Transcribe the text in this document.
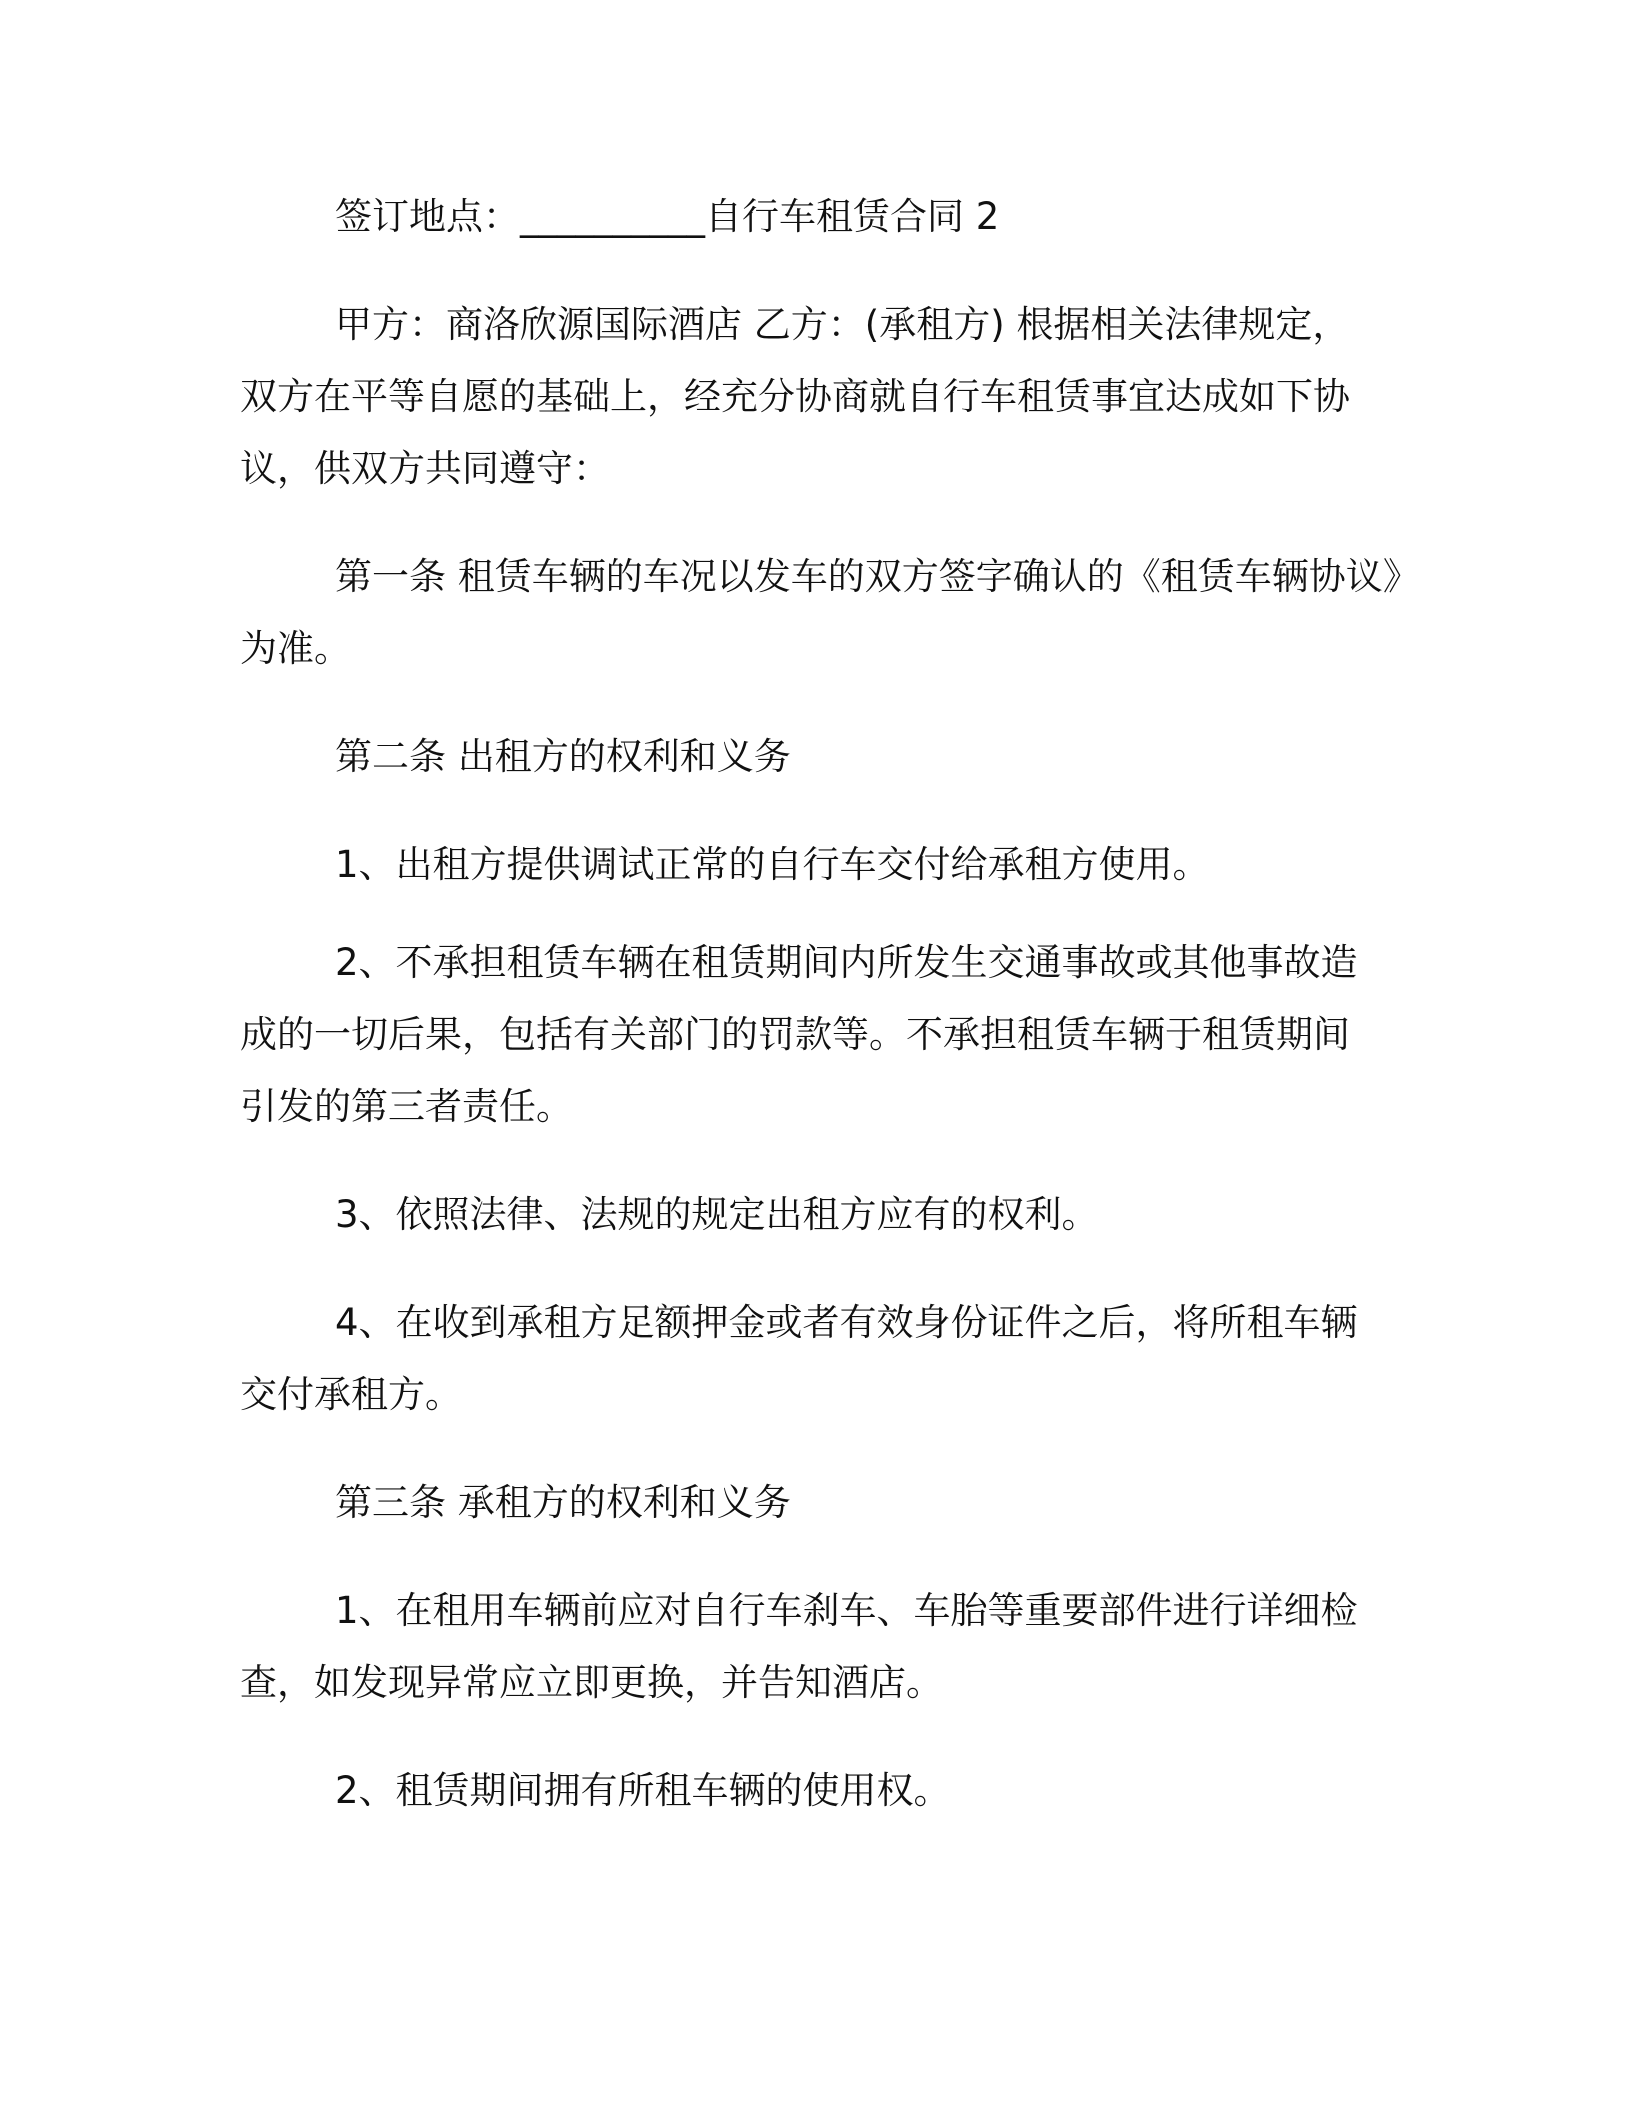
签订地点：__________自行车租赁合同 2

甲方：商洛欣源国际酒店 乙方：(承租方) 根据相关法律规定，

双方在平等自愿的基础上，经充分协商就自行车租赁事宜达成如下协

议，供双方共同遵守：

第一条 租赁车辆的车况以发车的双方签字确认的《租赁车辆协议》

为准。

第二条 出租方的权利和义务

1、出租方提供调试正常的自行车交付给承租方使用。

2、不承担租赁车辆在租赁期间内所发生交通事故或其他事故造

成的一切后果，包括有关部门的罚款等。不承担租赁车辆于租赁期间

引发的第三者责任。

3、依照法律、法规的规定出租方应有的权利。

4、在收到承租方足额押金或者有效身份证件之后，将所租车辆

交付承租方。

第三条 承租方的权利和义务

1、在租用车辆前应对自行车刹车、车胎等重要部件进行详细检

查，如发现异常应立即更换，并告知酒店。

2、租赁期间拥有所租车辆的使用权。
